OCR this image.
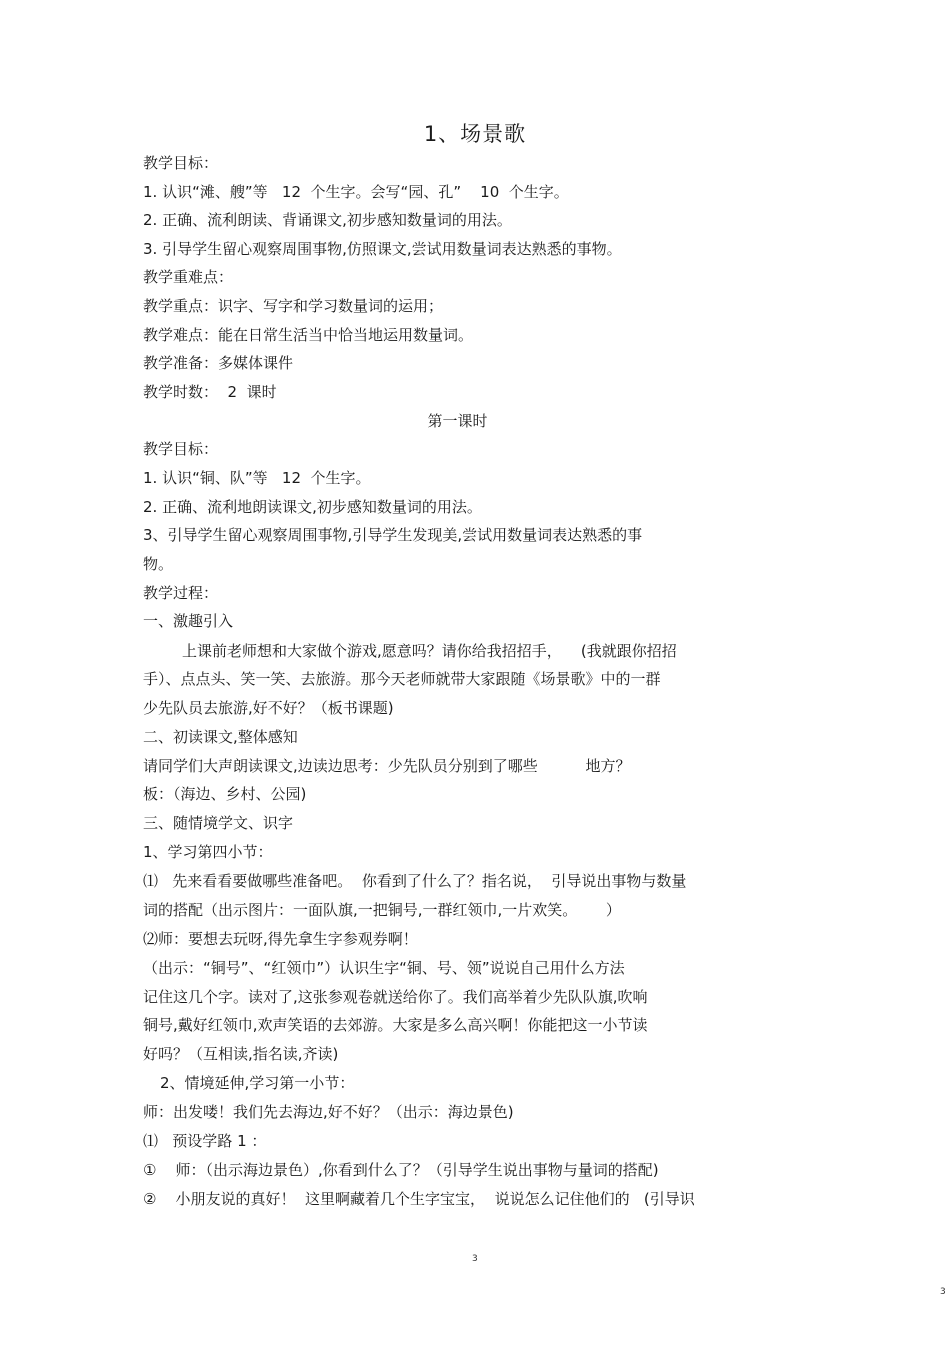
1、场景歌
教学目标：
1. 认识“滩、艘”等   12  个生字。会写“园、孔”    10  个生字。
2. 正确、流利朗读、背诵课文,初步感知数量词的用法。
3. 引导学生留心观察周围事物,仿照课文,尝试用数量词表达熟悉的事物。
教学重难点：
教学重点：识字、写字和学习数量词的运用；
教学难点：能在日常生活当中恰当地运用数量词。
教学准备：多媒体课件
教学时数：  2  课时
第一课时
教学目标：
1. 认识“铜、队”等   12  个生字。
2. 正确、流利地朗读课文,初步感知数量词的用法。
3、引导学生留心观察周围事物,引导学生发现美,尝试用数量词表达熟悉的事
物。
教学过程：
一、激趣引入
上课前老师想和大家做个游戏,愿意吗？请你给我招招手，    (我就跟你招招
手）、点点头、笑一笑、去旅游。那今天老师就带大家跟随《场景歌》中的一群
少先队员去旅游,好不好？（板书课题)
二、初读课文,整体感知
请同学们大声朗读课文,边读边思考：少先队员分别到了哪些          地方？
板：（海边、乡村、公园)
三、随情境学文、识字
1、学习第四小节：
⑴   先来看看要做哪些准备吧。  你看到了什么了？指名说，  引导说出事物与数量
词的搭配（出示图片：一面队旗,一把铜号,一群红领巾,一片欢笑。      ）
⑵师：要想去玩呀,得先拿生字参观券啊！
（出示：“铜号”、“红领巾”）认识生字“铜、号、领”说说自己用什么方法
记住这几个字。读对了,这张参观卷就送给你了。我们高举着少先队队旗,吹响
铜号,戴好红领巾,欢声笑语的去郊游。大家是多么高兴啊！你能把这一小节读
好吗？（互相读,指名读,齐读)
2、情境延伸,学习第一小节：
师：出发喽！我们先去海边,好不好？（出示：海边景色)
⑴   预设学路 1 ：
①    师：（出示海边景色）,你看到什么了？（引导学生说出事物与量词的搭配)
②    小朋友说的真好！  这里啊藏着几个生字宝宝，  说说怎么记住他们的   (引导识
3
3
